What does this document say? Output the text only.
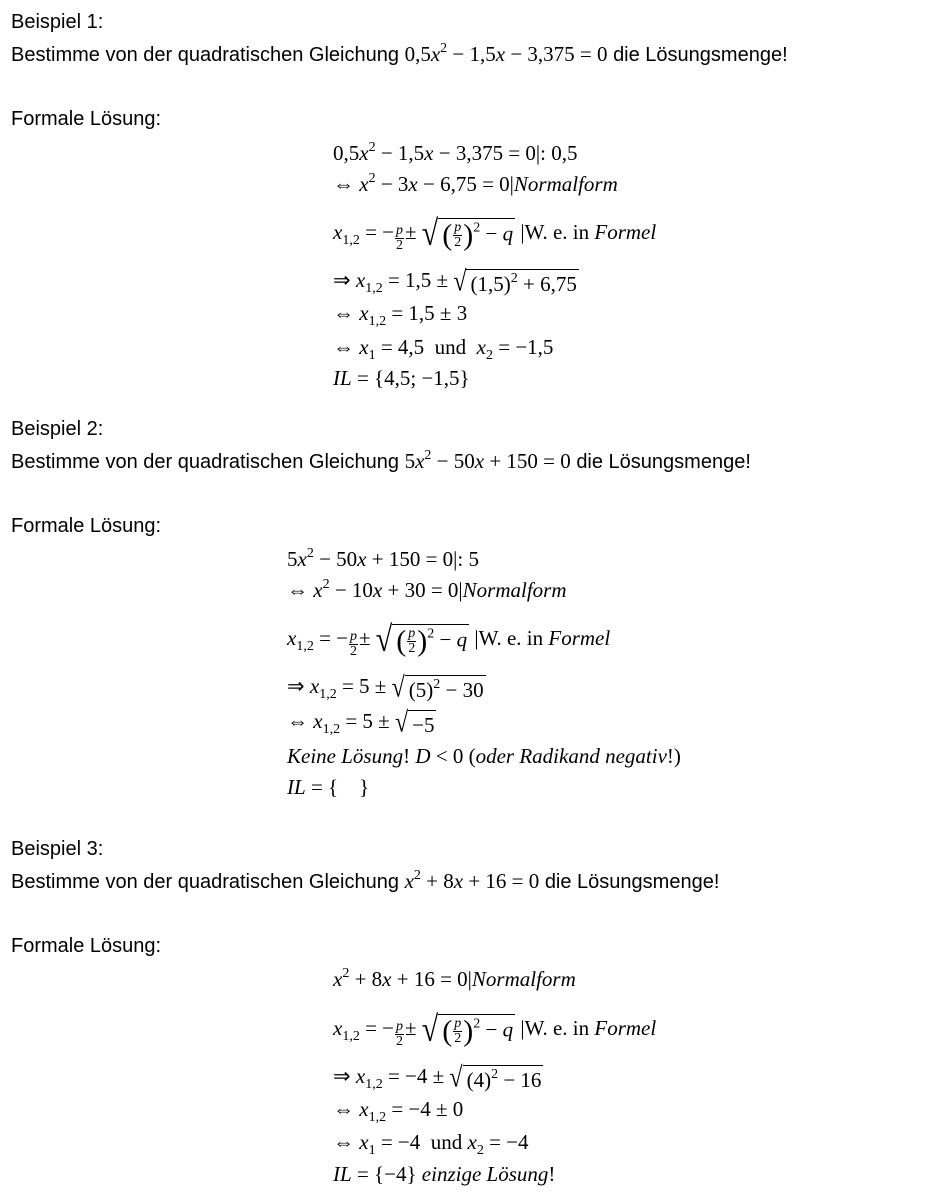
Beispiel 1:
Bestimme von der quadratischen Gleichung $0,5x^2 - 1,5x - 3,375 = 0$ die Lösungsmenge!
Formale Lösung:
$0,5x^2 - 1,5x - 3,375 = 0|$: 0,5
⇔ $x^2 - 3x - 6,75$ = 0|Normalform
$x_{1,2}$ = − $\frac{p}{2}$ ± √ ( $\frac{p}{2} )^2 - q$ |W. e. in Formel
⇒ $x_{1,2} = 1,5$ ± √ $(1,5)^2 + 6,75$
⇔ $x_{1,2} = 1,5 \pm 3$
⇔ $x_1 = 4,5$  und  $x_2 = -1,5$
IL = {4,5; −1,5}
Beispiel 2:
Bestimme von der quadratischen Gleichung $5x^2 - 50x + 150 = 0$ die Lösungsmenge!
Formale Lösung:
$5x^2 - 50x + 150 = 0|$: 5
⇔ $x^2 - 10x + 30$ = 0|Normalform
$x_{1,2}$ = − $\frac{p}{2}$ ± √ ( $\frac{p}{2} )^2 - q$ |W. e. in Formel
⇒ $x_{1,2} = 5$ ± √ $(5)^2 - 30$
⇔ $x_{1,2} = 5$ ± √ −5
Keine Lösung! D < 0 (oder Radikand negativ!)
IL = {    }
Beispiel 3:
Bestimme von der quadratischen Gleichung $x^2 + 8x + 16 = 0$ die Lösungsmenge!
Formale Lösung:
$x^2 + 8x + 16$ = 0|Normalform
$x_{1,2}$ = − $\frac{p}{2}$ ± √ ( $\frac{p}{2} )^2 - q$ |W. e. in Formel
⇒ $x_{1,2} = -4$ ± √ $(4)^2 - 16$
⇔ $x_{1,2} = -4 \pm 0$
⇔ $x_1 = -4$  und $x_2 = -4$
IL = {−4} einzige Lösung!
